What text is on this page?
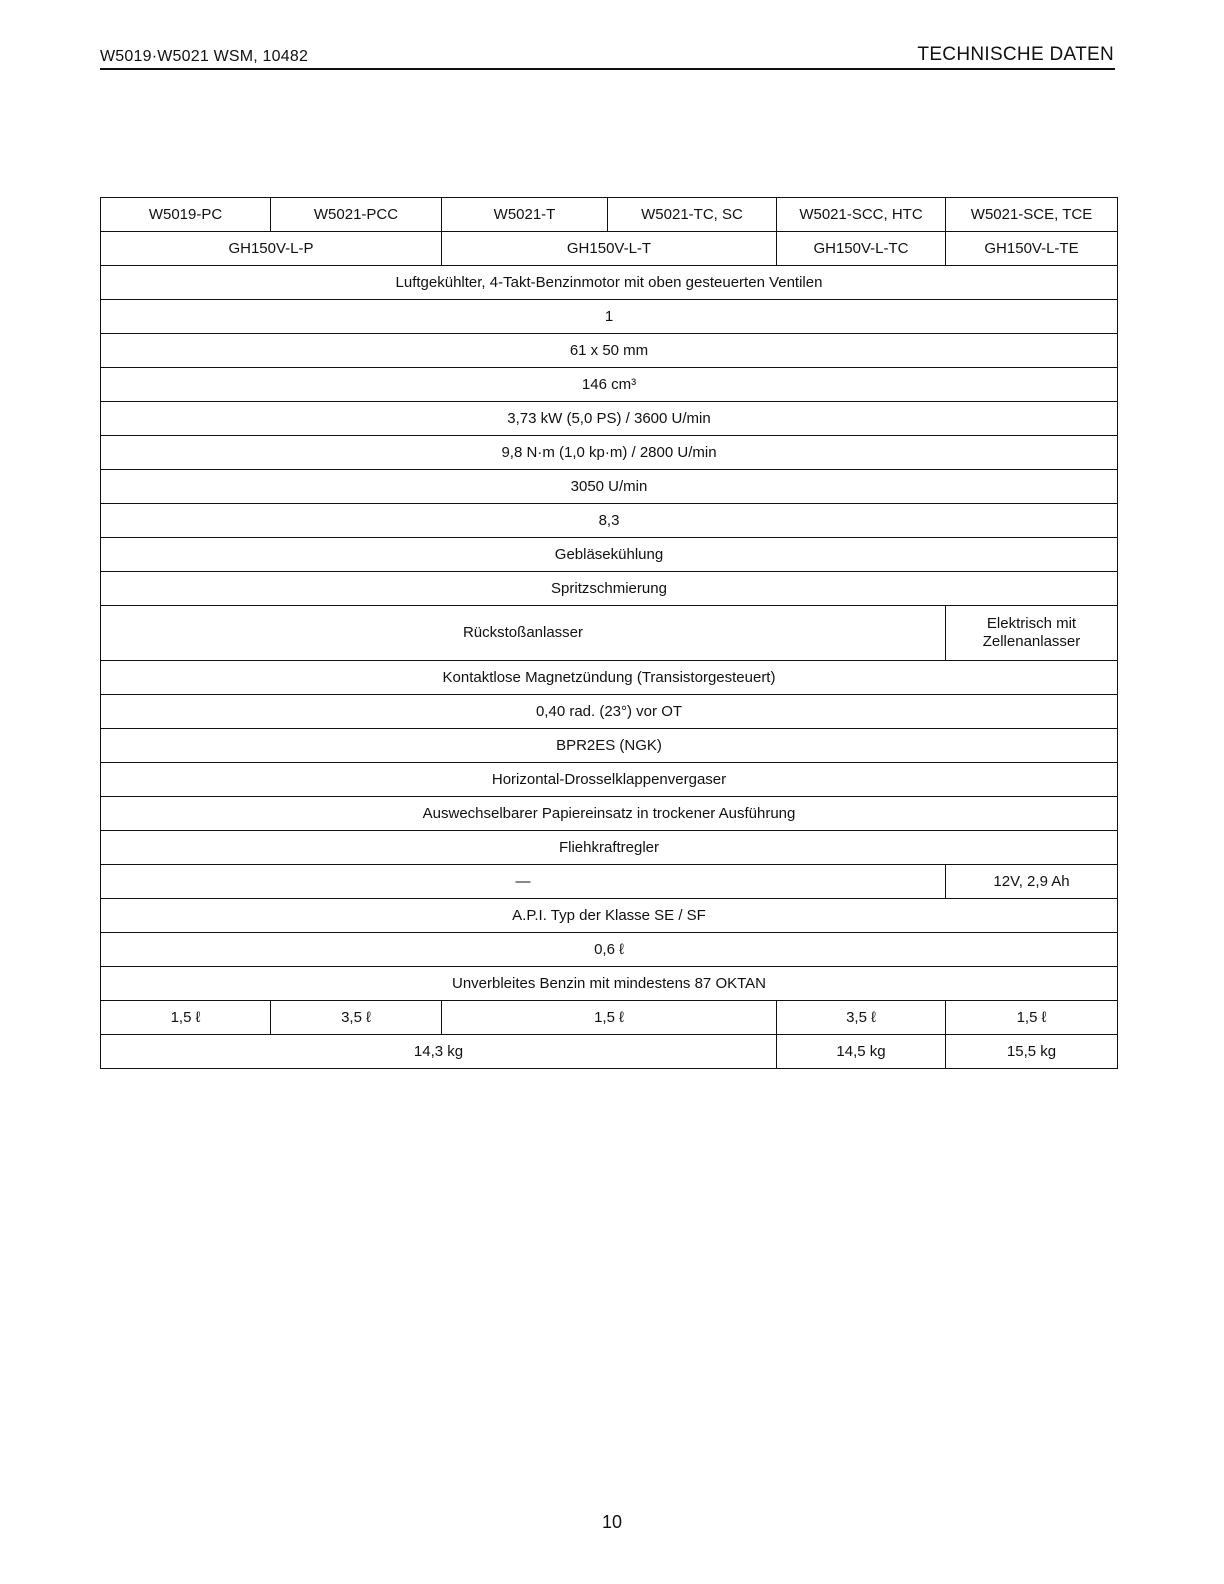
W5019·W5021 WSM, 10482	TECHNISCHE DATEN
W5019-PC	W5021-PCC	W5021-T	W5021-TC, SC	W5021-SCC, HTC	W5021-SCE, TCE
GH150V-L-P		GH150V-L-T		GH150V-L-TC	GH150V-L-TE
Luftgekühlter, 4-Takt-Benzinmotor mit oben gesteuerten Ventilen					
1					
61 x 50 mm					
146 cm³					
3,73 kW (5,0 PS) / 3600 U/min					
9,8 N·m (1,0 kp·m) / 2800 U/min					
3050 U/min					
8,3					
Gebläsekühlung					
Spritzschmierung					
Rückstoßanlasser					Elektrisch mit Zellenanlasser
Kontaktlose Magnetzündung (Transistorgesteuert)					
0,40 rad. (23°) vor OT					
BPR2ES (NGK)					
Horizontal-Drosselklappenvergaser					
Auswechselbarer Papiereinsatz in trockener Ausführung					
Fliehkraftregler					
—					12V, 2,9 Ah
A.P.I. Typ der Klasse SE / SF					
0,6 ℓ					
Unverbleites Benzin mit mindestens 87 OKTAN					
1,5 ℓ	3,5 ℓ	1,5 ℓ		3,5 ℓ	1,5 ℓ
14,3 kg				14,5 kg	15,5 kg
10
